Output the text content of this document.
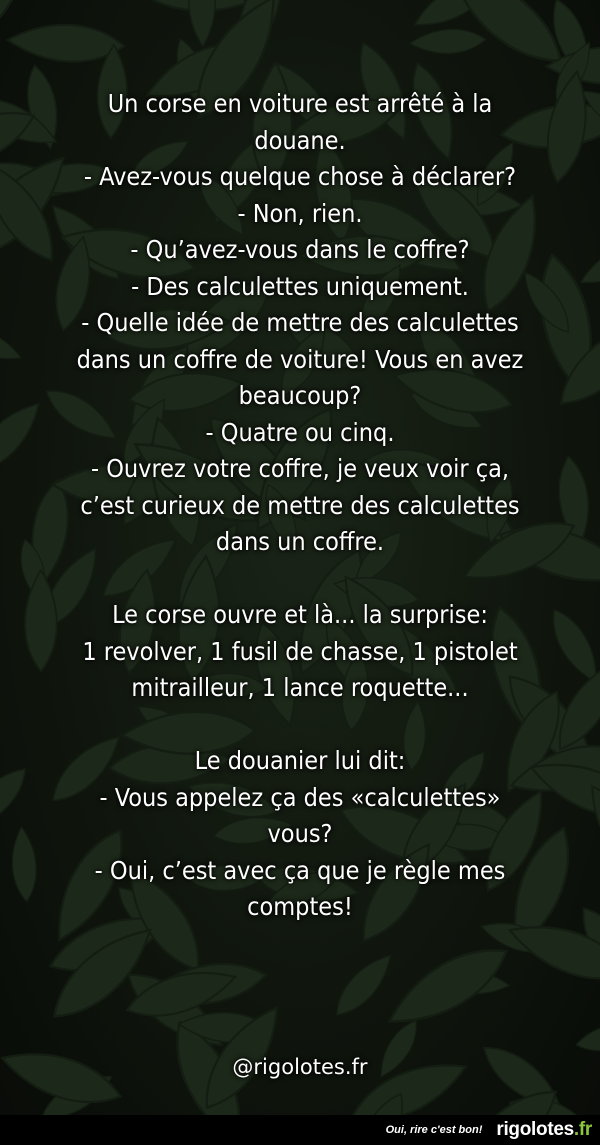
Un corse en voiture est arrêté à la
douane.
- Avez-vous quelque chose à déclarer?
- Non, rien.
- Qu’avez-vous dans le coffre?
- Des calculettes uniquement.
- Quelle idée de mettre des calculettes
dans un coffre de voiture! Vous en avez
beaucoup?
- Quatre ou cinq.
- Ouvrez votre coffre, je veux voir ça,
c’est curieux de mettre des calculettes
dans un coffre.
Le corse ouvre et là... la surprise:
1 revolver, 1 fusil de chasse, 1 pistolet
mitrailleur, 1 lance roquette...
Le douanier lui dit:
- Vous appelez ça des «calculettes»
vous?
- Oui, c’est avec ça que je règle mes
comptes!
@rigolotes.fr
Oui, rire c'est bon! rigolotes.fr
